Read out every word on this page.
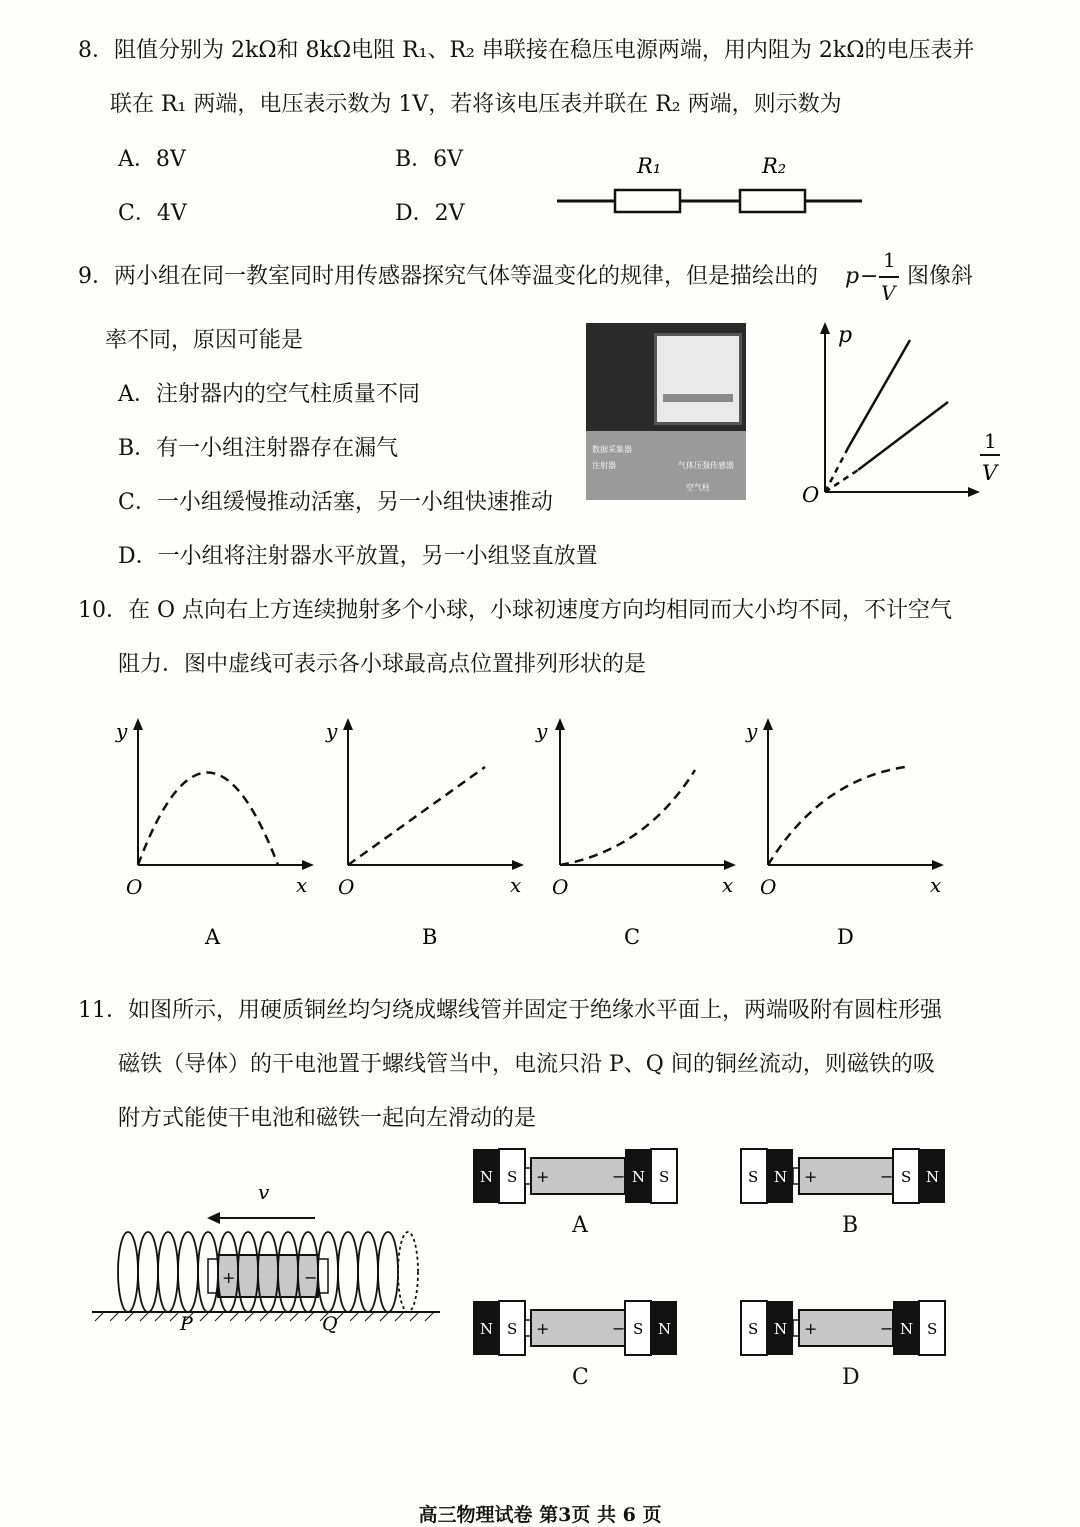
8．阻值分别为 2kΩ和 8kΩ电阻 R₁、R₂ 串联接在稳压电源两端，用内阻为 2kΩ的电压表并
联在 R₁ 两端，电压表示数为 1V，若将该电压表并联在 R₂ 两端，则示数为
A．8V	B．6V
C．4V	D．2V
R₁	R₂
9．两小组在同一教室同时用传感器探究气体等温变化的规律，但是描绘出的 p −
1
V
图像斜
率不同，原因可能是
A．注射器内的空气柱质量不同
B．有一小组注射器存在漏气
C．一小组缓慢推动活塞，另一小组快速推动
D．一小组将注射器水平放置，另一小组竖直放置
数据采集器
注射器	气体压强传感器
空气柱
p
O
1
V
10．在 O 点向右上方连续抛射多个小球，小球初速度方向均相同而大小均不同，不计空气
阻力．图中虚线可表示各小球最高点位置排列形状的是
y
O	x
y
O	x
y
O	x
y
O	x
A	B	C	D
11．如图所示，用硬质铜丝均匀绕成螺线管并固定于绝缘水平面上，两端吸附有圆柱形强
磁铁（导体）的干电池置于螺线管当中，电流只沿 P、Q 间的铜丝流动，则磁铁的吸
附方式能使干电池和磁铁一起向左滑动的是
v
+	−
P	Q
N S +	− N S
A
S N +	− S N
B
N S +	− S N
C
S N +	− N S
D
高三物理试卷 第3页 共 6 页
